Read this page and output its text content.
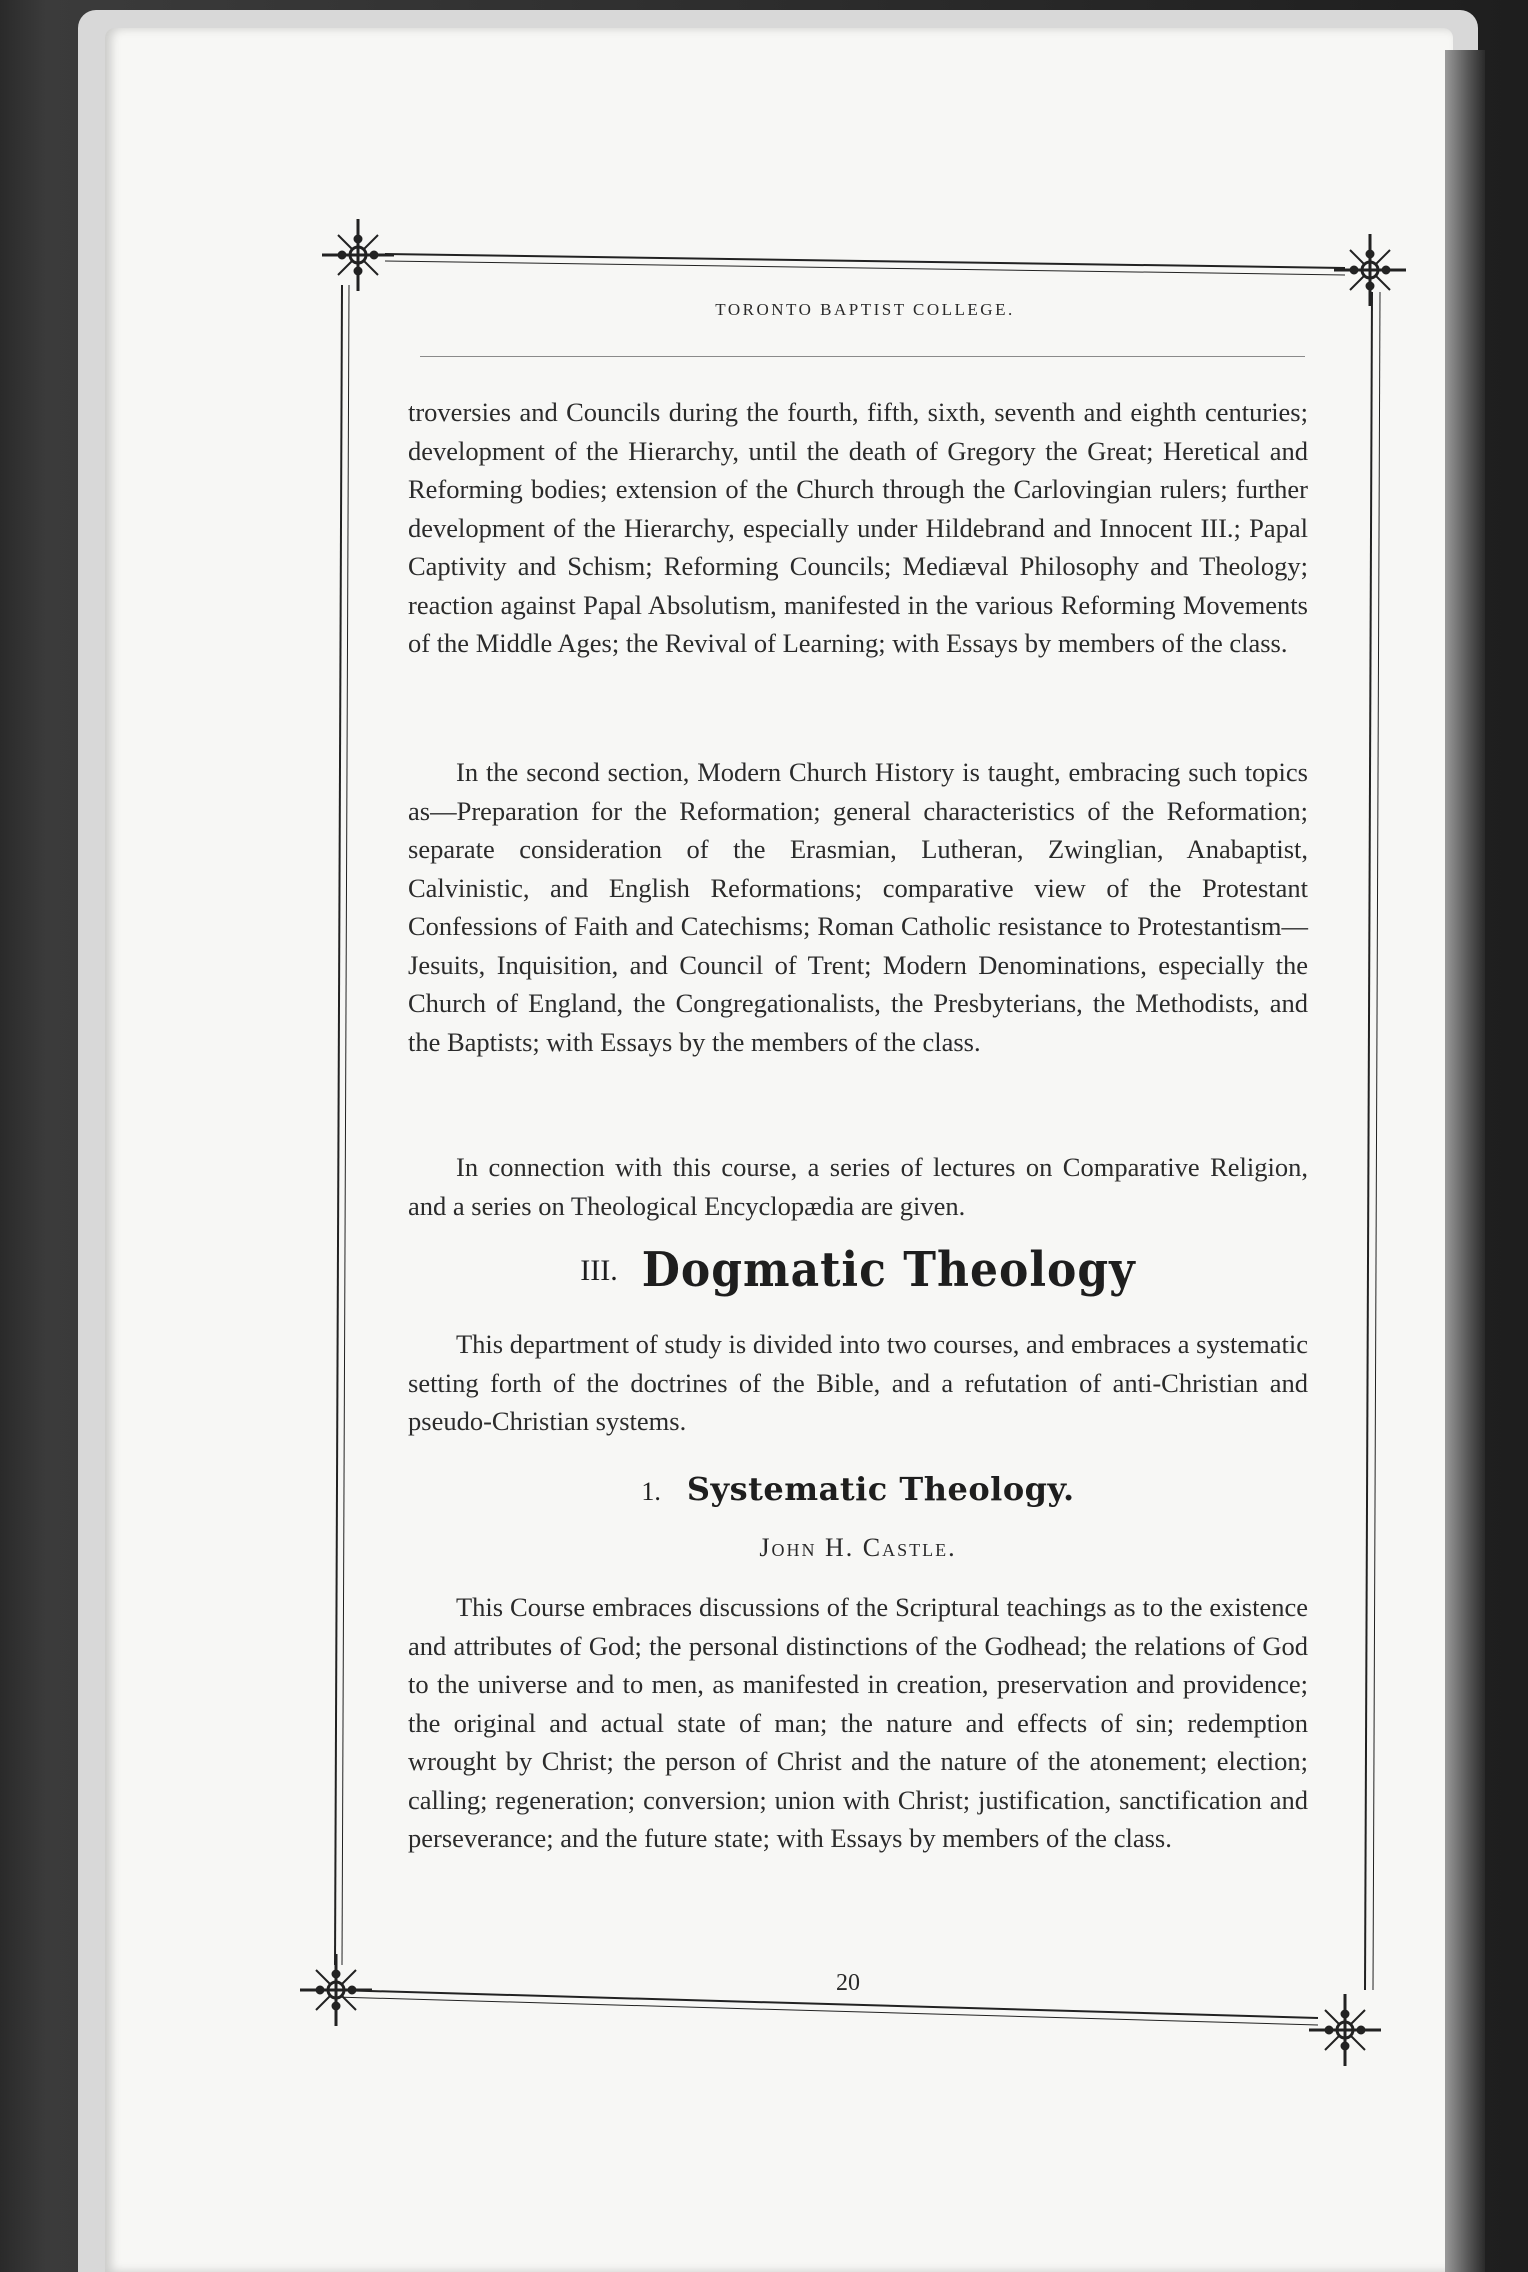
TORONTO BAPTIST COLLEGE.

troversies and Councils during the fourth, fifth, sixth, seventh and eighth centuries; development of the Hierarchy, until the death of Gregory the Great; Heretical and Reforming bodies; extension of the Church through the Carlovingian rulers; further development of the Hierarchy, especially under Hildebrand and Innocent III.; Papal Captivity and Schism; Reforming Councils; Mediæval Philosophy and Theology; reaction against Papal Absolutism, manifested in the various Reforming Movements of the Middle Ages; the Revival of Learning; with Essays by members of the class.

In the second section, Modern Church History is taught, embracing such topics as—Preparation for the Reformation; general characteristics of the Reformation; separate consideration of the Erasmian, Lutheran, Zwinglian, Anabaptist, Calvinistic, and English Reformations; comparative view of the Protestant Confessions of Faith and Catechisms; Roman Catholic resistance to Protestantism—Jesuits, Inquisition, and Council of Trent; Modern Denominations, especially the Church of England, the Congregationalists, the Presbyterians, the Methodists, and the Baptists; with Essays by the members of the class.

In connection with this course, a series of lectures on Comparative Religion, and a series on Theological Encyclopædia are given.

III. Dogmatic Theology

This department of study is divided into two courses, and embraces a systematic setting forth of the doctrines of the Bible, and a refutation of anti-Christian and pseudo-Christian systems.

1. Systematic Theology.
John H. Castle.

This Course embraces discussions of the Scriptural teachings as to the existence and attributes of God; the personal distinctions of the Godhead; the relations of God to the universe and to men, as manifested in creation, preservation and providence; the original and actual state of man; the nature and effects of sin; redemption wrought by Christ; the person of Christ and the nature of the atonement; election; calling; regeneration; conversion; union with Christ; justification, sanctification and perseverance; and the future state; with Essays by members of the class.

20
